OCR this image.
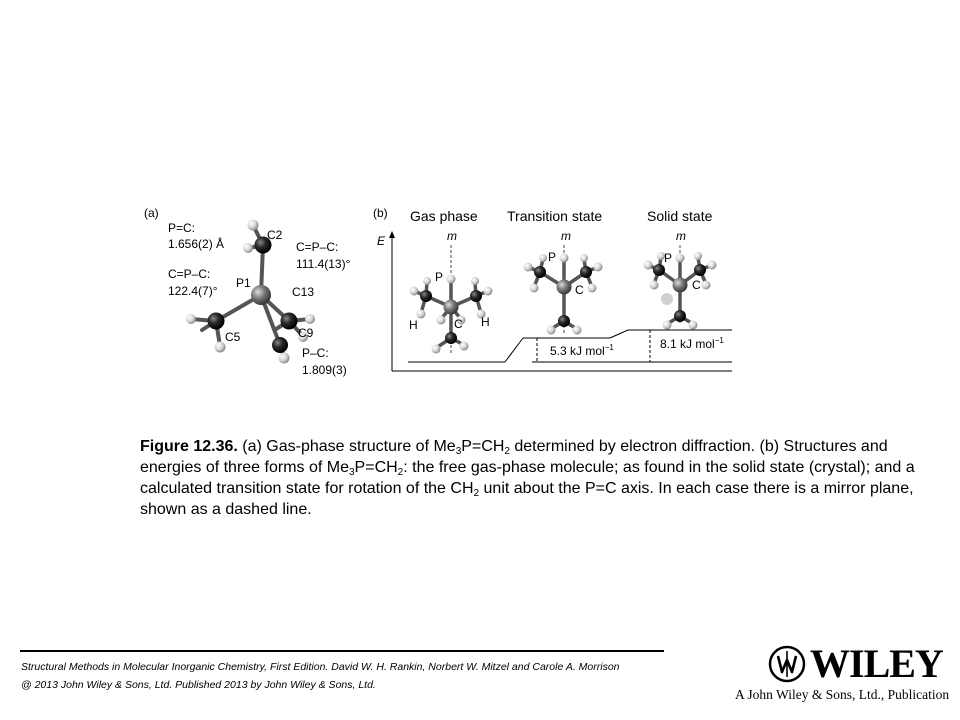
(a)
P=C:
1.656(2) Å
C2
C=P–C:
111.4(13)°
C=P–C:
122.4(7)°
P1
C13
C5	C9
P–C:
1.809(3)
(b)
E
Gas phase
m
Transition state
m
Solid state
m
5.3 kJ mol$^{-1}$	8.1 kJ mol$^{-1}$
P
H	H
C
P
C
P
C

Figure 12.36. (a) Gas-phase structure of $Me_3P=CH_2$ determined by electron diffraction. (b) Structures and energies of three forms of $Me_3P=CH_2$: the free gas-phase molecule; as found in the solid state (crystal); and a calculated transition state for rotation of the $CH_2$ unit about the P=C axis. In each case there is a mirror plane, shown as a dashed line.

Structural Methods in Molecular Inorganic Chemistry, First Edition. David W. H. Rankin, Norbert W. Mitzel and Carole A. Morrison
@ 2013 John Wiley & Sons, Ltd. Published 2013 by John Wiley & Sons, Ltd.	WILEY
A John Wiley & Sons, Ltd., Publication
